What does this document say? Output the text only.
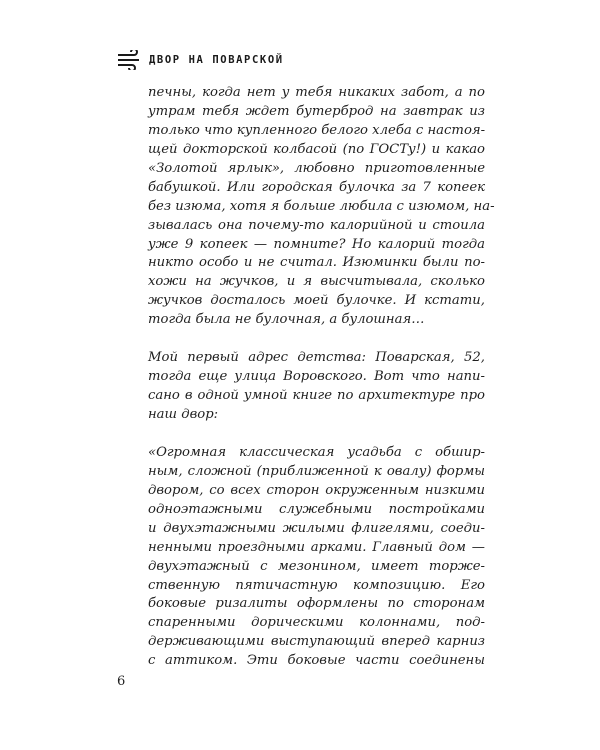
ДВОР НА ПОВАРСКОЙ
печны, когда нет у тебя никаких забот, а по
утрам тебя ждет бутерброд на завтрак из
только что купленного белого хлеба с настоя-
щей докторской колбасой (по ГОСТу!) и какао
«Золотой ярлык», любовно приготовленные
бабушкой. Или городская булочка за 7 копеек
без изюма, хотя я больше любила с изюмом, на-
зывалась она почему-то калорийной и стоила
уже 9 копеек — помните? Но калорий тогда
никто особо и не считал. Изюминки были по-
хожи на жучков, и я высчитывала, сколько
жучков досталось моей булочке. И кстати,
тогда была не булочная, а булошная…
Мой первый адрес детства: Поварская, 52,
тогда еще улица Воровского. Вот что напи-
сано в одной умной книге по архитектуре про
наш двор:
«Огромная классическая усадьба с обшир-
ным, сложной (приближенной к овалу) формы
двором, со всех сторон окруженным низкими
одноэтажными служебными постройками
и двухэтажными жилыми флигелями, соеди-
ненными проездными арками. Главный дом —
двухэтажный с мезонином, имеет торже-
ственную пятичастную композицию. Его
боковые ризалиты оформлены по сторонам
спаренными дорическими колоннами, под-
держивающими выступающий вперед карниз
с аттиком. Эти боковые части соединены
6
